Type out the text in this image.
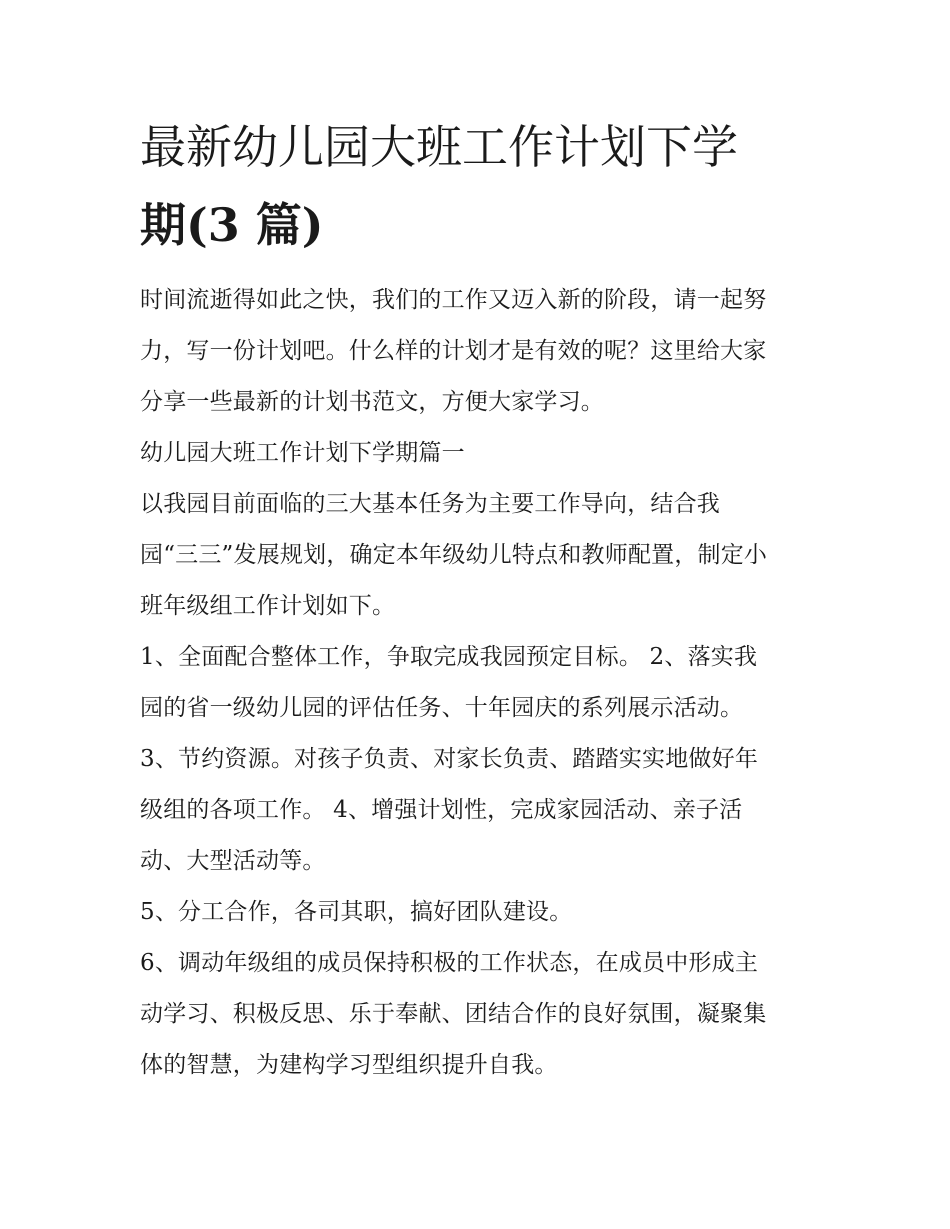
最新幼儿园大班工作计划下学
期(3 篇)

时间流逝得如此之快，我们的工作又迈入新的阶段，请一起努

力，写一份计划吧。什么样的计划才是有效的呢？这里给大家

分享一些最新的计划书范文，方便大家学习。

幼儿园大班工作计划下学期篇一

以我园目前面临的三大基本任务为主要工作导向，结合我

园“三三”发展规划，确定本年级幼儿特点和教师配置，制定小

班年级组工作计划如下。

1、全面配合整体工作，争取完成我园预定目标。 2、落实我

园的省一级幼儿园的评估任务、十年园庆的系列展示活动。

3、节约资源。对孩子负责、对家长负责、踏踏实实地做好年

级组的各项工作。 4、增强计划性，完成家园活动、亲子活

动、大型活动等。

5、分工合作，各司其职，搞好团队建设。

6、调动年级组的成员保持积极的工作状态，在成员中形成主

动学习、积极反思、乐于奉献、团结合作的良好氛围，凝聚集

体的智慧，为建构学习型组织提升自我。
